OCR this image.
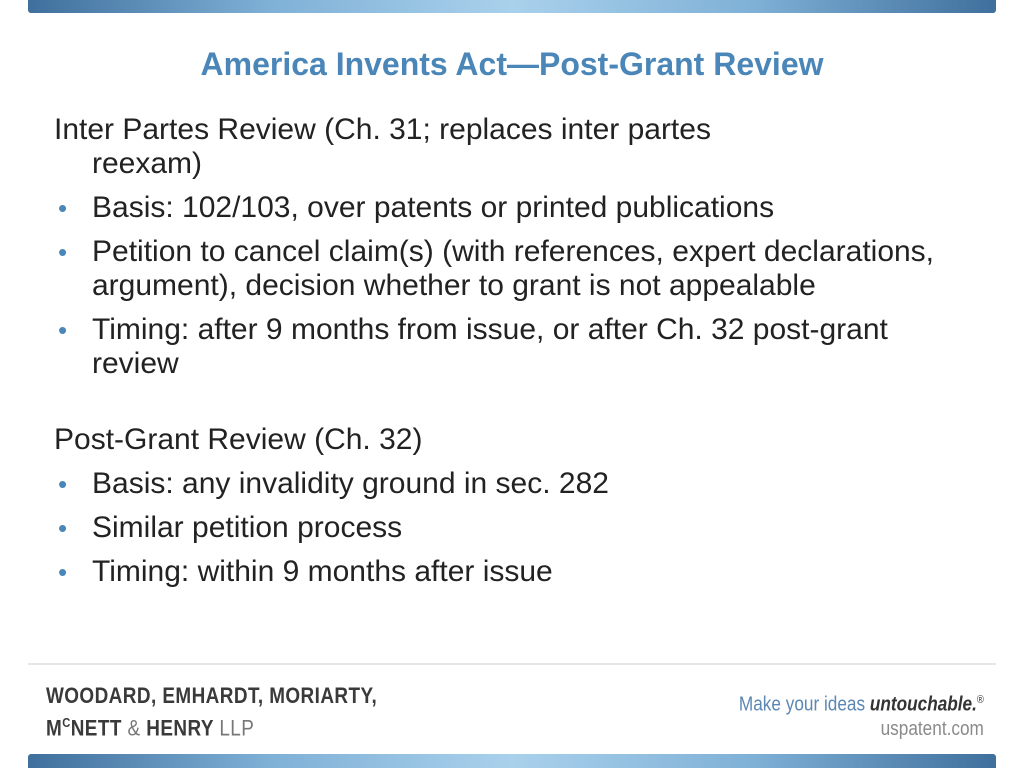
America Invents Act—Post-Grant Review
Inter Partes Review (Ch. 31; replaces inter partes
reexam)
• Basis: 102/103, over patents or printed publications
• Petition to cancel claim(s) (with references, expert declarations, argument), decision whether to grant is not appealable
• Timing: after 9 months from issue, or after Ch. 32 post-grant review
Post-Grant Review (Ch. 32)
• Basis: any invalidity ground in sec. 282
• Similar petition process
• Timing: within 9 months after issue
WOODARD, EMHARDT, MORIARTY,
$M^CNETT$ & HENRY LLP
Make your ideas untouchable.®
uspatent.com
